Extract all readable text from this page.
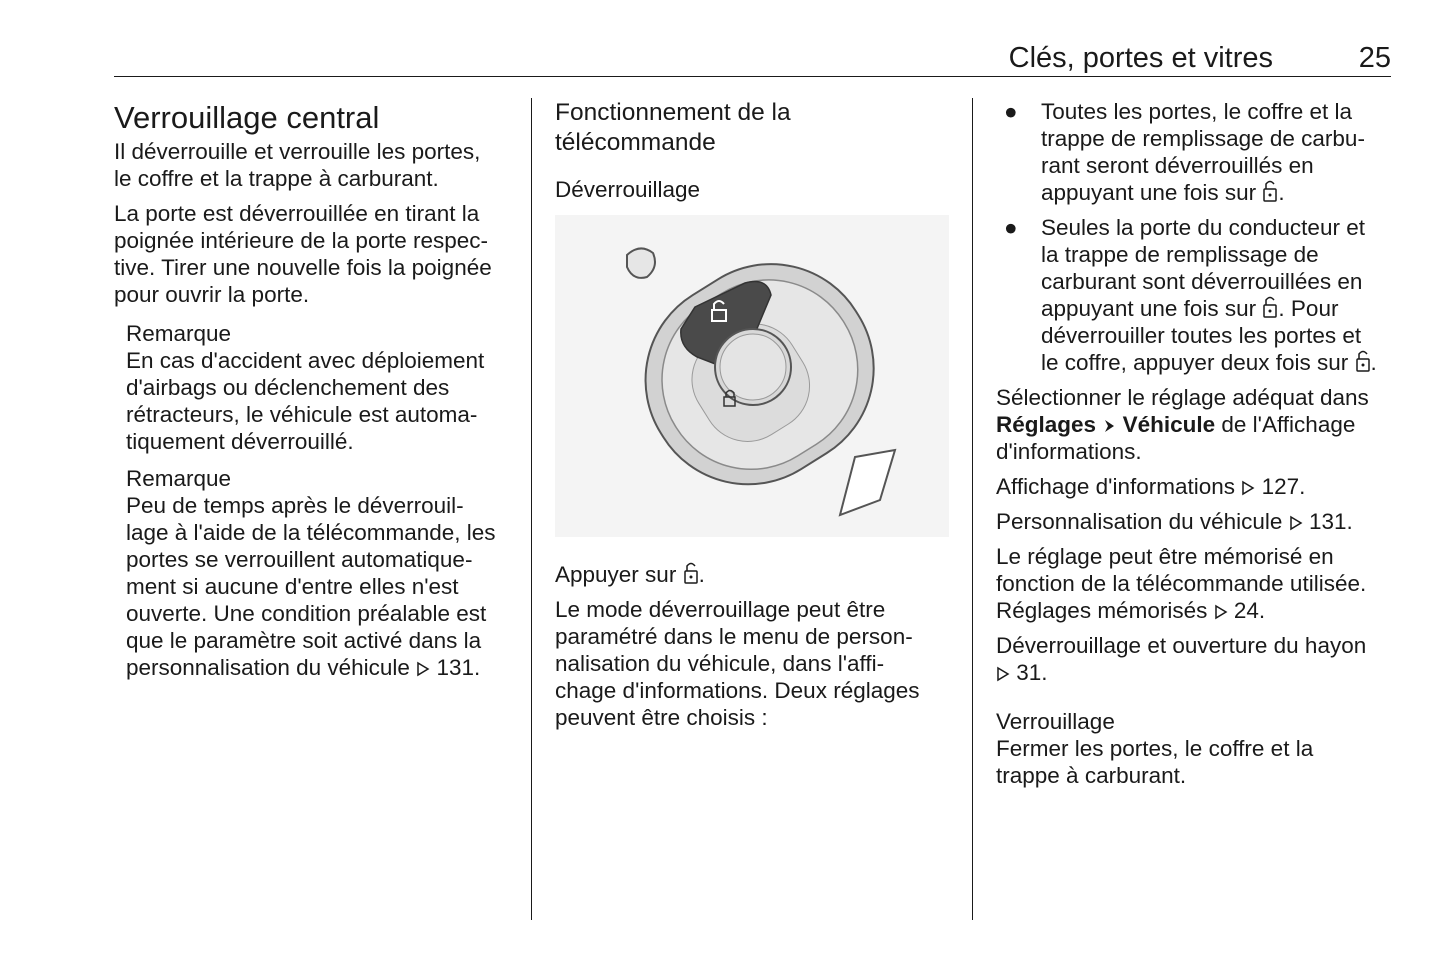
Clés, portes et vitres	25
Verrouillage central

Il déverrouille et verrouille les portes,
le coffre et la trappe à carburant.

La porte est déverrouillée en tirant la
poignée intérieure de la porte respec-
tive. Tirer une nouvelle fois la poignée
pour ouvrir la porte.

Remarque

En cas d'accident avec déploiement
d'airbags ou déclenchement des
rétracteurs, le véhicule est automa-
tiquement déverrouillé.

Remarque

Peu de temps après le déverrouil-
lage à l'aide de la télécommande, les
portes se verrouillent automatique-
ment si aucune d'entre elles n'est
ouverte. Une condition préalable est
que le paramètre soit activé dans la
personnalisation du véhicule 131.

Fonctionnement de la
télécommande
Déverrouillage

Appuyer sur .

Le mode déverrouillage peut être
paramétré dans le menu de person-
nalisation du véhicule, dans l'affi-
chage d'informations. Deux réglages
peuvent être choisis :

● Toutes les portes, le coffre et la
trappe de remplissage de carbu-
rant seront déverrouillés en
appuyant une fois sur .
● Seules la porte du conducteur et
la trappe de remplissage de
carburant sont déverrouillées en
appuyant une fois sur . Pour
déverrouiller toutes les portes et
le coffre, appuyer deux fois sur .

Sélectionner le réglage adéquat dans
Réglages Véhicule de l'Affichage
d'informations.

Affichage d'informations 127.

Personnalisation du véhicule 131.

Le réglage peut être mémorisé en
fonction de la télécommande utilisée.
Réglages mémorisés 24.

Déverrouillage et ouverture du hayon
31.

Verrouillage

Fermer les portes, le coffre et la
trappe à carburant.
